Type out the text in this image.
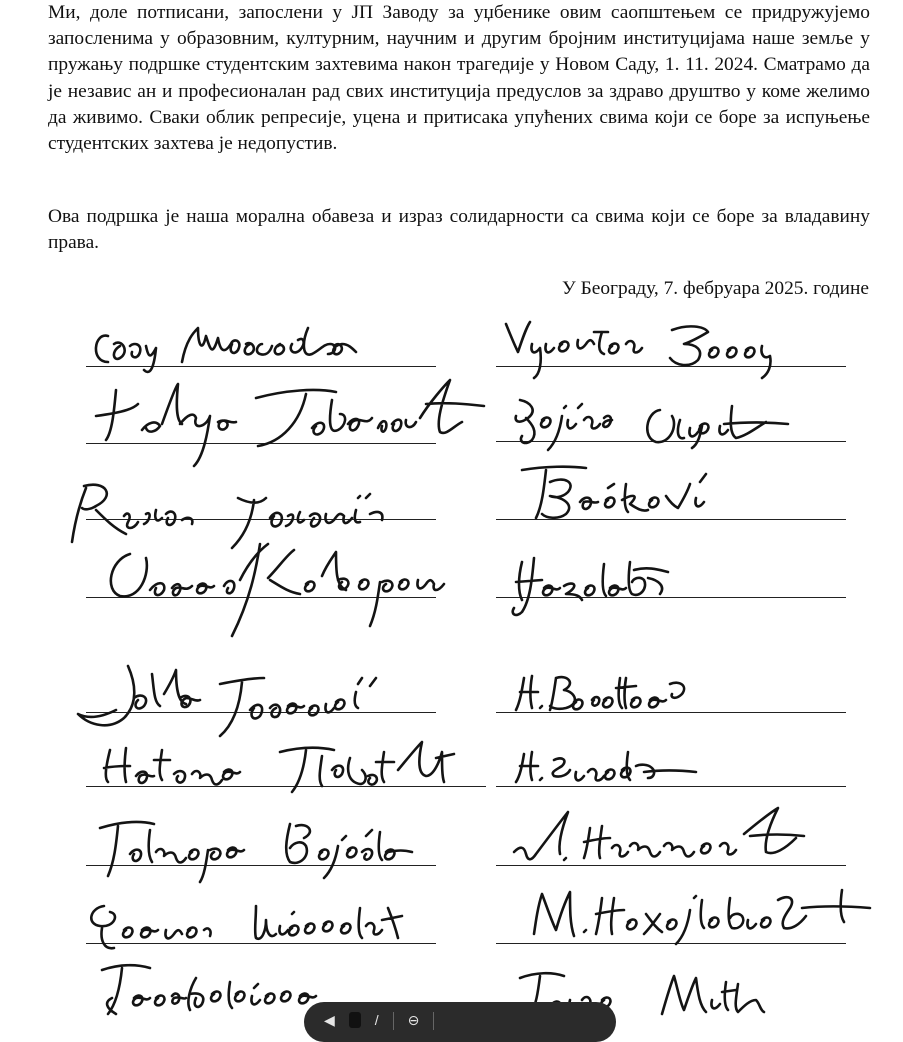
Ми, доле потписани, запослени у ЈП Заводу за уџбенике овим саопштењем се придружујемо запосленима у образовним, културним, научним и другим бројним институцијама наше земље у пружању подршке студентским захтевима након трагедије у Новом Саду, 1. 11. 2024. Сматрамо да је независ ан и професионалан рад свих институција предуслов за здраво друштво у коме желимо да живимо. Сваки облик репресије, уцена и притисака упућених свима који се боре за испуњење студентских захтева је недопустив.

Ова подршка је наша морална обавеза и израз солидарности са свима који се боре за владавину права.

У Београду, 7. фебруара 2025. године
◀	/ ⊖
